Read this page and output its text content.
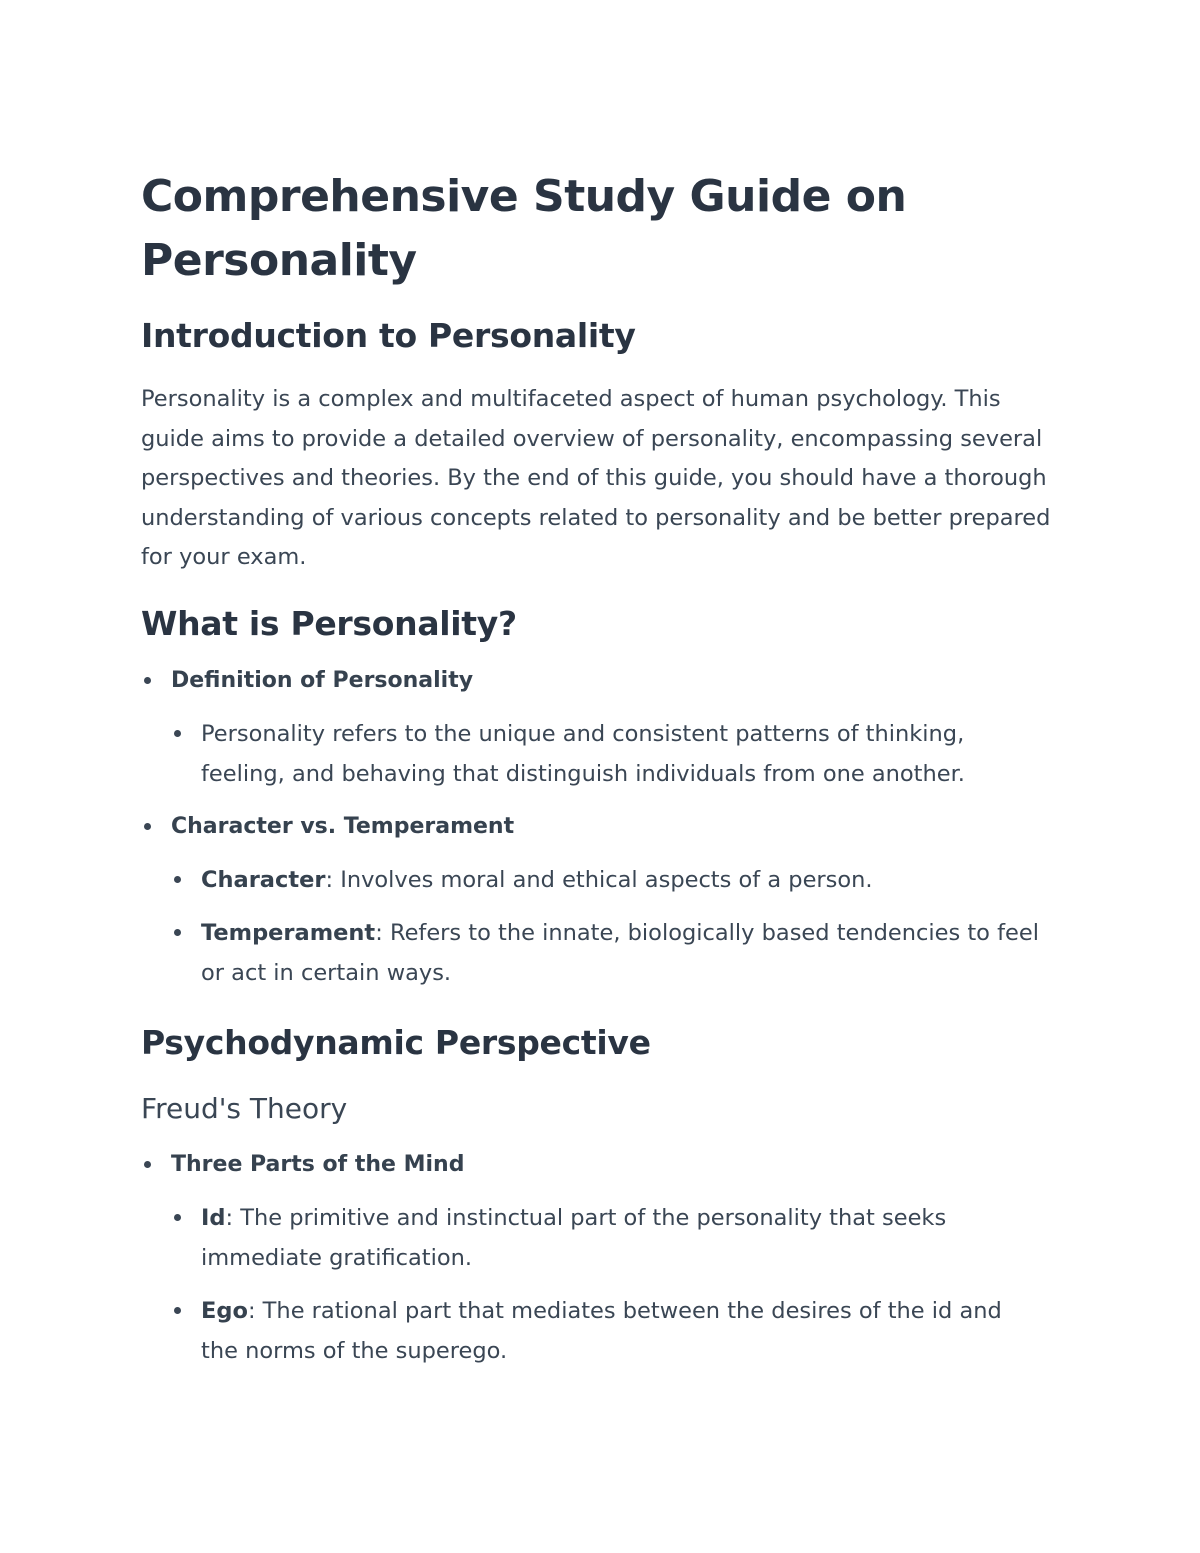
Comprehensive Study Guide on Personality
Introduction to Personality

Personality is a complex and multifaceted aspect of human psychology. This guide aims to provide a detailed overview of personality, encompassing several perspectives and theories. By the end of this guide, you should have a thorough understanding of various concepts related to personality and be better prepared for your exam.

What is Personality?
Definition of Personality
Personality refers to the unique and consistent patterns of thinking, feeling, and behaving that distinguish individuals from one another.
Character vs. Temperament
Character: Involves moral and ethical aspects of a person.
Temperament: Refers to the innate, biologically based tendencies to feel or act in certain ways.
Psychodynamic Perspective
Freud's Theory
Three Parts of the Mind
Id: The primitive and instinctual part of the personality that seeks immediate gratification.
Ego: The rational part that mediates between the desires of the id and the norms of the superego.
